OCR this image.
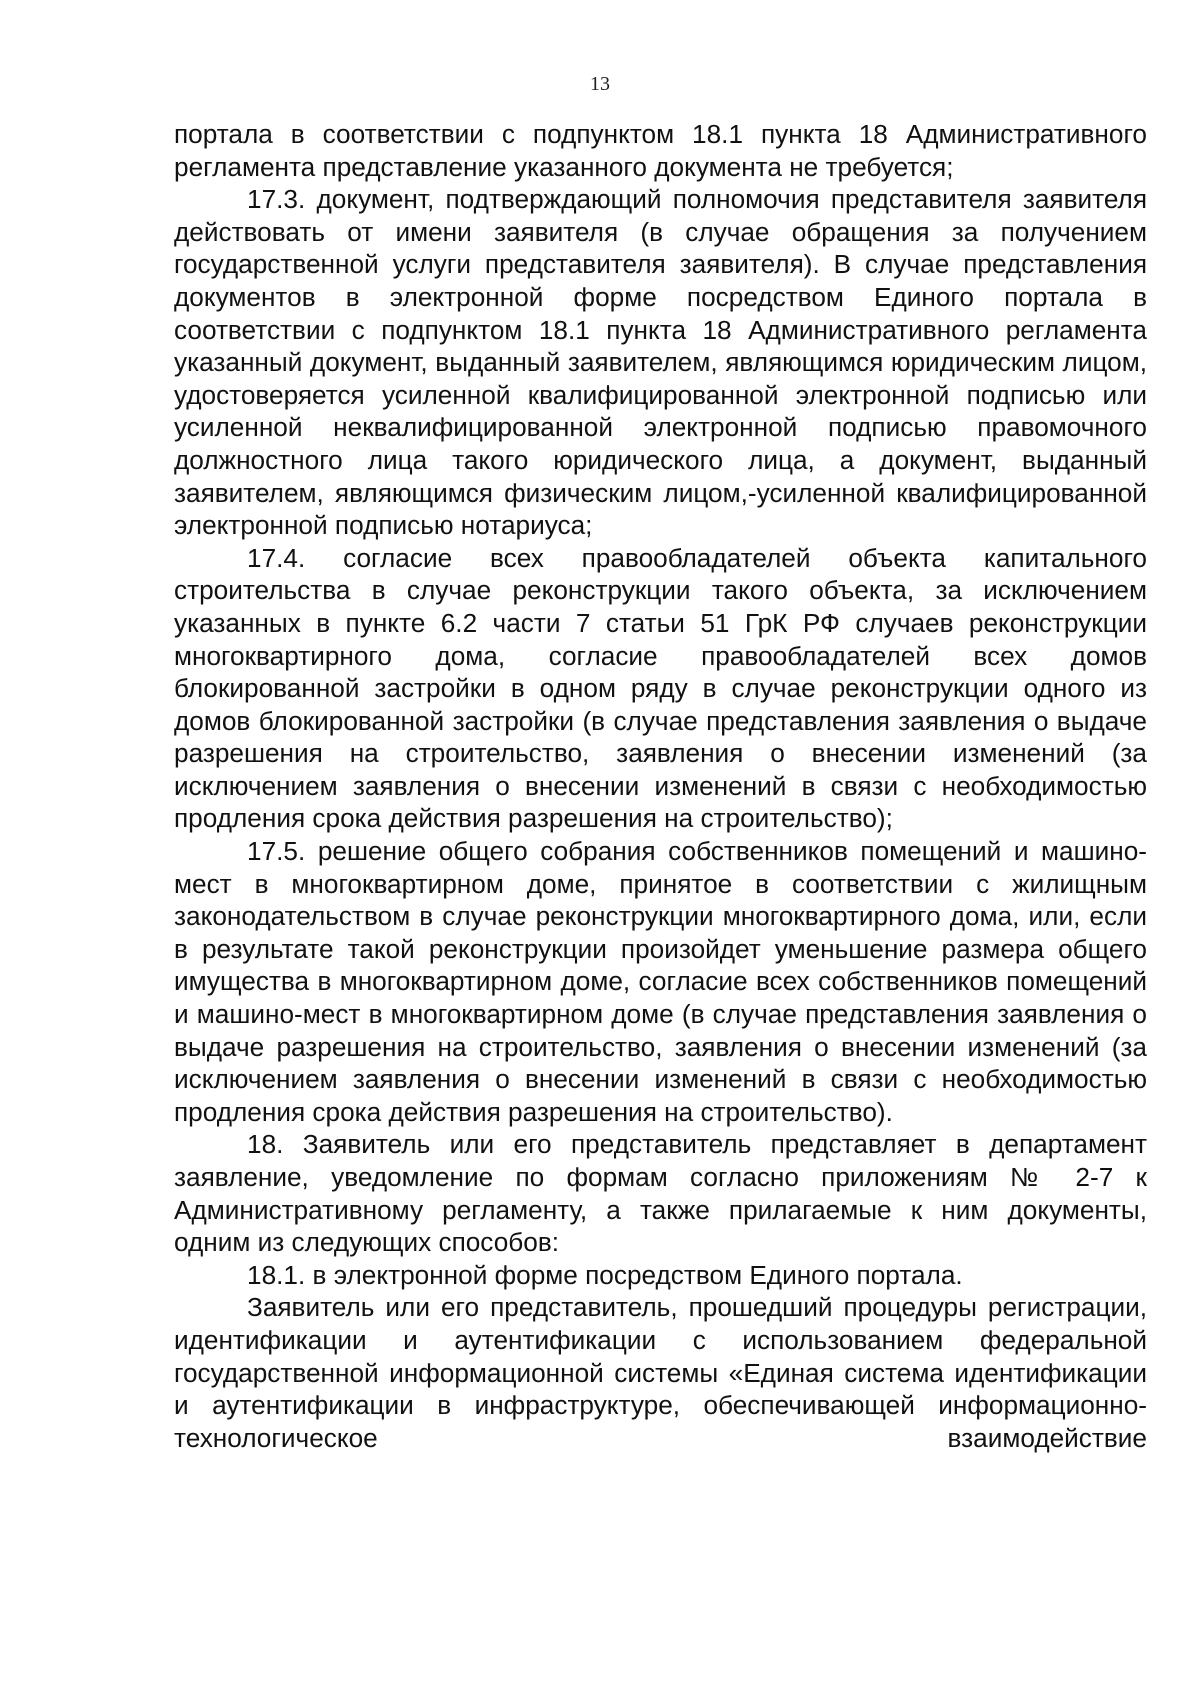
13

портала в соответствии с подпунктом 18.1 пункта 18 Административного регламента представление указанного документа не требуется;

17.3. документ, подтверждающий полномочия представителя заявителя действовать от имени заявителя (в случае обращения за получением государственной услуги представителя заявителя). В случае представления документов в электронной форме посредством Единого портала в соответствии с подпунктом 18.1 пункта 18 Административного регламента указанный документ, выданный заявителем, являющимся юридическим лицом, удостоверяется усиленной квалифицированной электронной подписью или усиленной неквалифицированной электронной подписью правомочного должностного лица такого юридического лица, а документ, выданный заявителем, являющимся физическим лицом,-усиленной квалифицированной электронной подписью нотариуса;

17.4. согласие всех правообладателей объекта капитального строительства в случае реконструкции такого объекта, за исключением указанных в пункте 6.2 части 7 статьи 51 ГрК РФ случаев реконструкции многоквартирного дома, согласие правообладателей всех домов блокированной застройки в одном ряду в случае реконструкции одного из домов блокированной застройки (в случае представления заявления о выдаче разрешения на строительство, заявления о внесении изменений (за исключением заявления о внесении изменений в связи с необходимостью продления срока действия разрешения на строительство);

17.5. решение общего собрания собственников помещений и машино-мест в многоквартирном доме, принятое в соответствии с жилищным законодательством в случае реконструкции многоквартирного дома, или, если в результате такой реконструкции произойдет уменьшение размера общего имущества в многоквартирном доме, согласие всех собственников помещений и машино-мест в многоквартирном доме (в случае представления заявления о выдаче разрешения на строительство, заявления о внесении изменений (за исключением заявления о внесении изменений в связи с необходимостью продления срока действия разрешения на строительство).

18. Заявитель или его представитель представляет в департамент заявление, уведомление по формам согласно приложениям № 2-7 к Административному регламенту, а также прилагаемые к ним документы, одним из следующих способов:

18.1. в электронной форме посредством Единого портала.

Заявитель или его представитель, прошедший процедуры регистрации, идентификации и аутентификации с использованием федеральной государственной информационной системы «Единая система идентификации и аутентификации в инфраструктуре, обеспечивающей информационно-технологическое взаимодействие
